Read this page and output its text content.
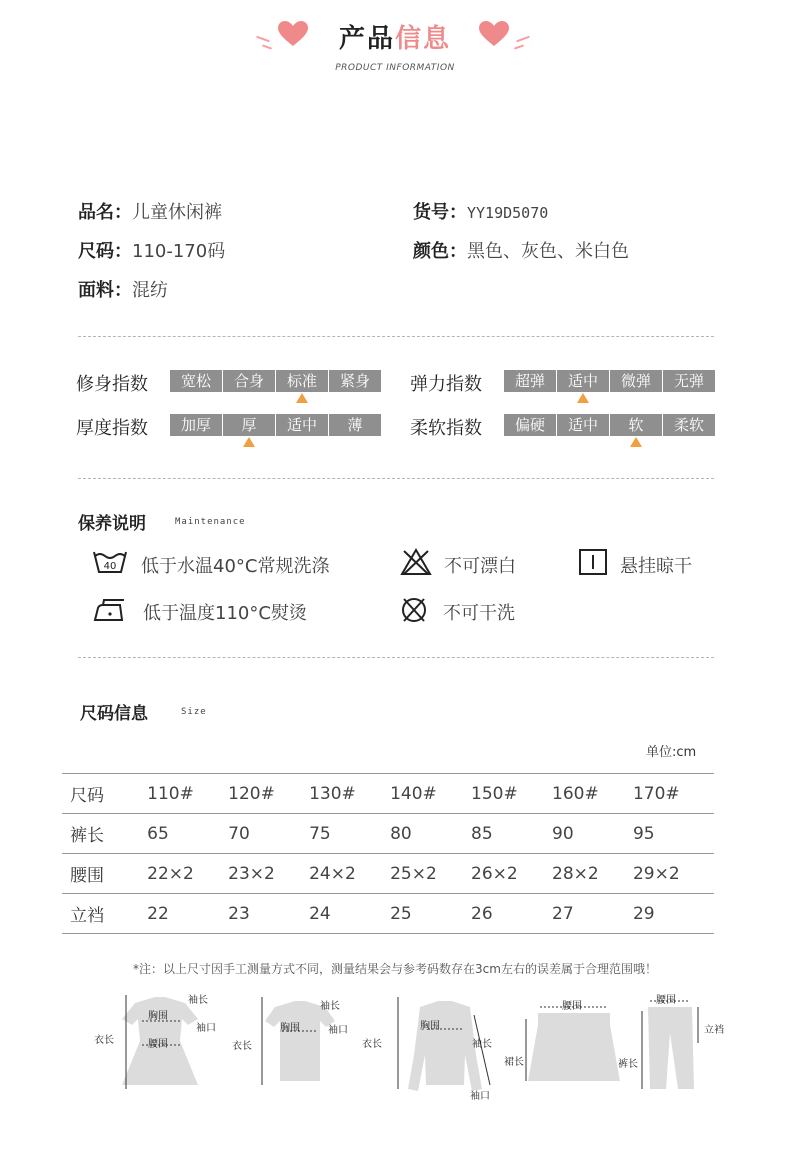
产品信息
PRODUCT INFORMATION
品名：儿童休闲裤	货号：YY19D5070
尺码：110-170码	颜色：黑色、灰色、米白色
面料：混纺
修身指数	宽松	合身	标准	紧身	弹力指数	超弹	适中	微弹	无弹
厚度指数	加厚	厚	适中	薄	柔软指数	偏硬	适中	软	柔软
保养说明	Maintenance
40 低于水温40°C常规洗涤	不可漂白	悬挂晾干
低于温度110°C熨烫	不可干洗
尺码信息	Size
单位:cm
尺码	110#	120#	130#	140#	150#	160#	170#
裤长	65	70	75	80	85	90	95
腰围	22×2	23×2	24×2	25×2	26×2	28×2	29×2
立裆	22	23	24	25	26	27	29
*注：以上尺寸因手工测量方式不同，测量结果会与参考码数存在3cm左右的误差属于合理范围哦！
袖长
胸围
袖口
衣长	腰围
袖长
胸围	袖口
衣长
胸围
袖长
衣长
袖口
腰围
裙长
腰围
立裆
裤长
